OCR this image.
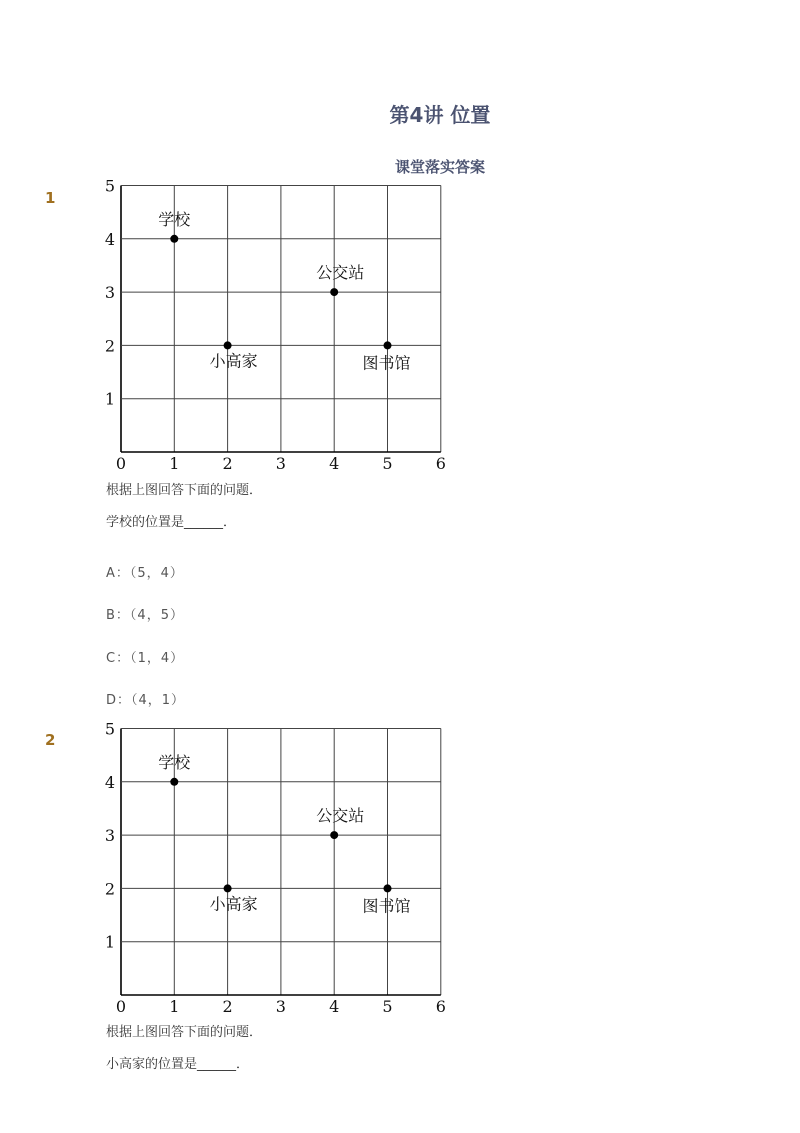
第4讲 位置
课堂落实答案
1
0	1	2	3	4	5	6
1
2
3
4
5
学校
公交站
小高家	图书馆
根据上图回答下面的问题．
学校的位置是______．
A：（5，4）
B：（4，5）
C：（1，4）
D：（4，1）
2
0	1	2	3	4	5	6
1
2
3
4
5
学校
公交站
小高家	图书馆
根据上图回答下面的问题．
小高家的位置是______．
